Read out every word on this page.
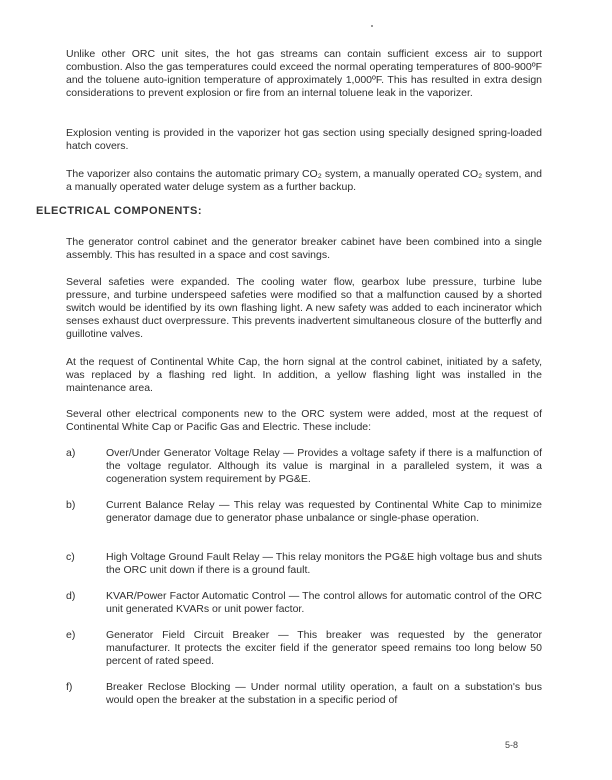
Unlike other ORC unit sites, the hot gas streams can contain sufficient excess air to support combustion. Also the gas temperatures could exceed the normal operating temperatures of 800-900ºF and the toluene auto-ignition temperature of approximately 1,000ºF. This has resulted in extra design considerations to prevent explosion or fire from an internal toluene leak in the vaporizer.

Explosion venting is provided in the vaporizer hot gas section using specially designed spring-loaded hatch covers.

The vaporizer also contains the automatic primary CO₂ system, a manually operated CO₂ system, and a manually operated water deluge system as a further backup.

ELECTRICAL COMPONENTS:

The generator control cabinet and the generator breaker cabinet have been combined into a single assembly. This has resulted in a space and cost savings.

Several safeties were expanded. The cooling water flow, gearbox lube pressure, turbine lube pressure, and turbine underspeed safeties were modified so that a malfunction caused by a shorted switch would be identified by its own flashing light. A new safety was added to each incinerator which senses exhaust duct overpressure. This prevents inadvertent simultaneous closure of the butterfly and guillotine valves.

At the request of Continental White Cap, the horn signal at the control cabinet, initiated by a safety, was replaced by a flashing red light. In addition, a yellow flashing light was installed in the maintenance area.

Several other electrical components new to the ORC system were added, most at the request of Continental White Cap or Pacific Gas and Electric. These include:

a)	Over/Under Generator Voltage Relay — Provides a voltage safety if there is a malfunction of the voltage regulator. Although its value is marginal in a paralleled system, it was a cogeneration system requirement by PG&E.
b)	Current Balance Relay — This relay was requested by Continental White Cap to minimize generator damage due to generator phase unbalance or single-phase operation.
c)	High Voltage Ground Fault Relay — This relay monitors the PG&E high voltage bus and shuts the ORC unit down if there is a ground fault.
d)	KVAR/Power Factor Automatic Control — The control allows for automatic control of the ORC unit generated KVARs or unit power factor.
e)	Generator Field Circuit Breaker — This breaker was requested by the generator manufacturer. It protects the exciter field if the generator speed remains too long below 50 percent of rated speed.
f)	Breaker Reclose Blocking — Under normal utility operation, a fault on a substation's bus would open the breaker at the substation in a specific period of
5-8
